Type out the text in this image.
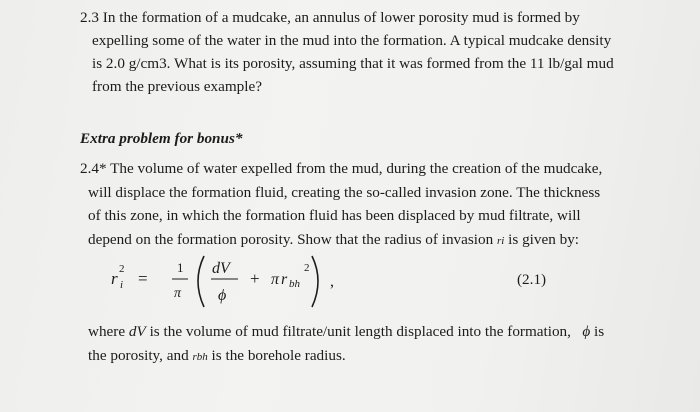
2.3 In the formation of a mudcake, an annulus of lower porosity mud is formed by
expelling some of the water in the mud into the formation. A typical mudcake density
is 2.0 g/cm3. What is its porosity, assuming that it was formed from the 11 lb/gal mud
from the previous example?
Extra problem for bonus*
2.4* The volume of water expelled from the mud, during the creation of the mudcake,
will displace the formation fluid, creating the so-called invasion zone. The thickness
of this zone, in which the formation fluid has been displaced by mud filtrate, will
depend on the formation porosity. Show that the radius of invasion ri is given by:
r 2
i =
1
π
dV
ϕ
+ π r bh
2
,	(2.1)
where dV is the volume of mud filtrate/unit length displaced into the formation, ϕ is
the porosity, and rbh is the borehole radius.
